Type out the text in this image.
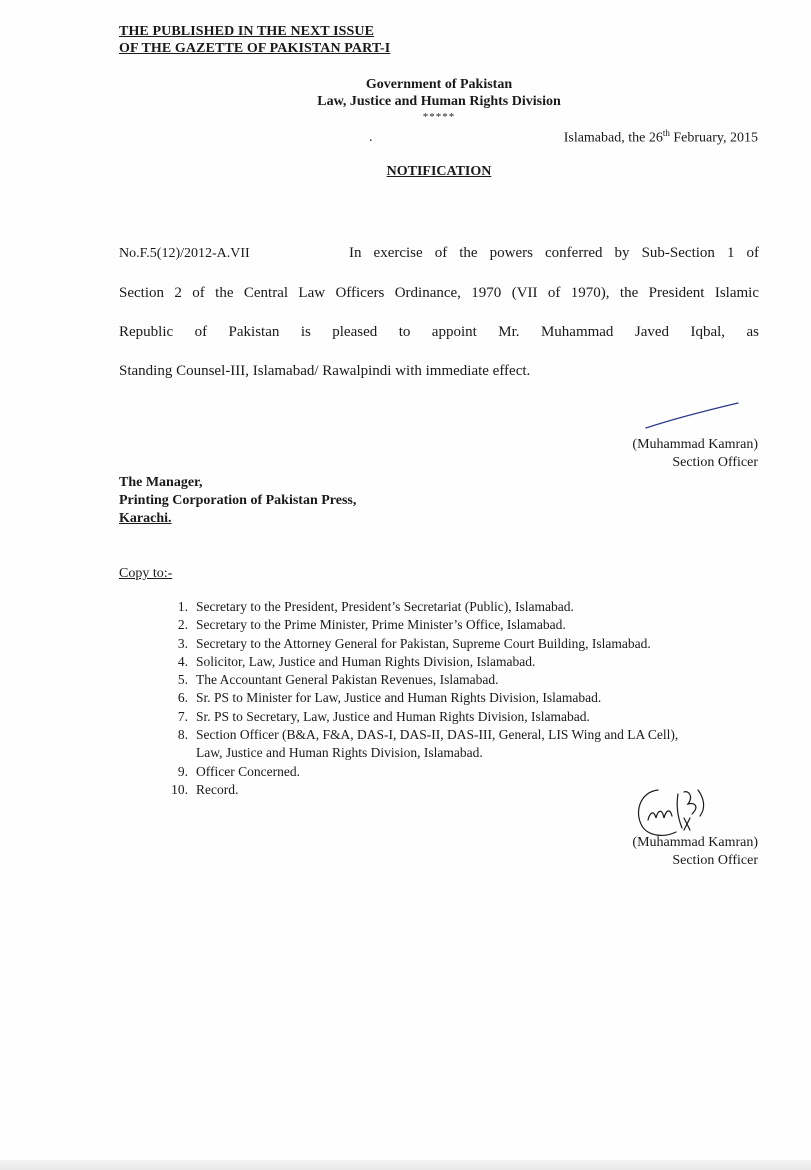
THE PUBLISHED IN THE NEXT ISSUE
OF THE GAZETTE OF PAKISTAN PART-I
Government of Pakistan
Law, Justice and Human Rights Division
*****
.	Islamabad, the 26th February, 2015
NOTIFICATION
No.F.5(12)/2012-A.VII	In exercise of the powers conferred by Sub-Section 1 of
Section 2 of the Central Law Officers Ordinance, 1970 (VII of 1970), the President Islamic
Republic of Pakistan is pleased to appoint Mr. Muhammad Javed Iqbal, as
Standing Counsel-III, Islamabad/ Rawalpindi with immediate effect.
(Muhammad Kamran)
Section Officer
The Manager,
Printing Corporation of Pakistan Press,
Karachi.
Copy to:-
1. Secretary to the President, President’s Secretariat (Public), Islamabad.
2. Secretary to the Prime Minister, Prime Minister’s Office, Islamabad.
3. Secretary to the Attorney General for Pakistan, Supreme Court Building, Islamabad.
4. Solicitor, Law, Justice and Human Rights Division, Islamabad.
5. The Accountant General Pakistan Revenues, Islamabad.
6. Sr. PS to Minister for Law, Justice and Human Rights Division, Islamabad.
7. Sr. PS to Secretary, Law, Justice and Human Rights Division, Islamabad.
8. Section Officer (B&A, F&A, DAS-I, DAS-II, DAS-III, General, LIS Wing and LA Cell),
Law, Justice and Human Rights Division, Islamabad.
9. Officer Concerned.
10. Record.
(Muhammad Kamran)
Section Officer
